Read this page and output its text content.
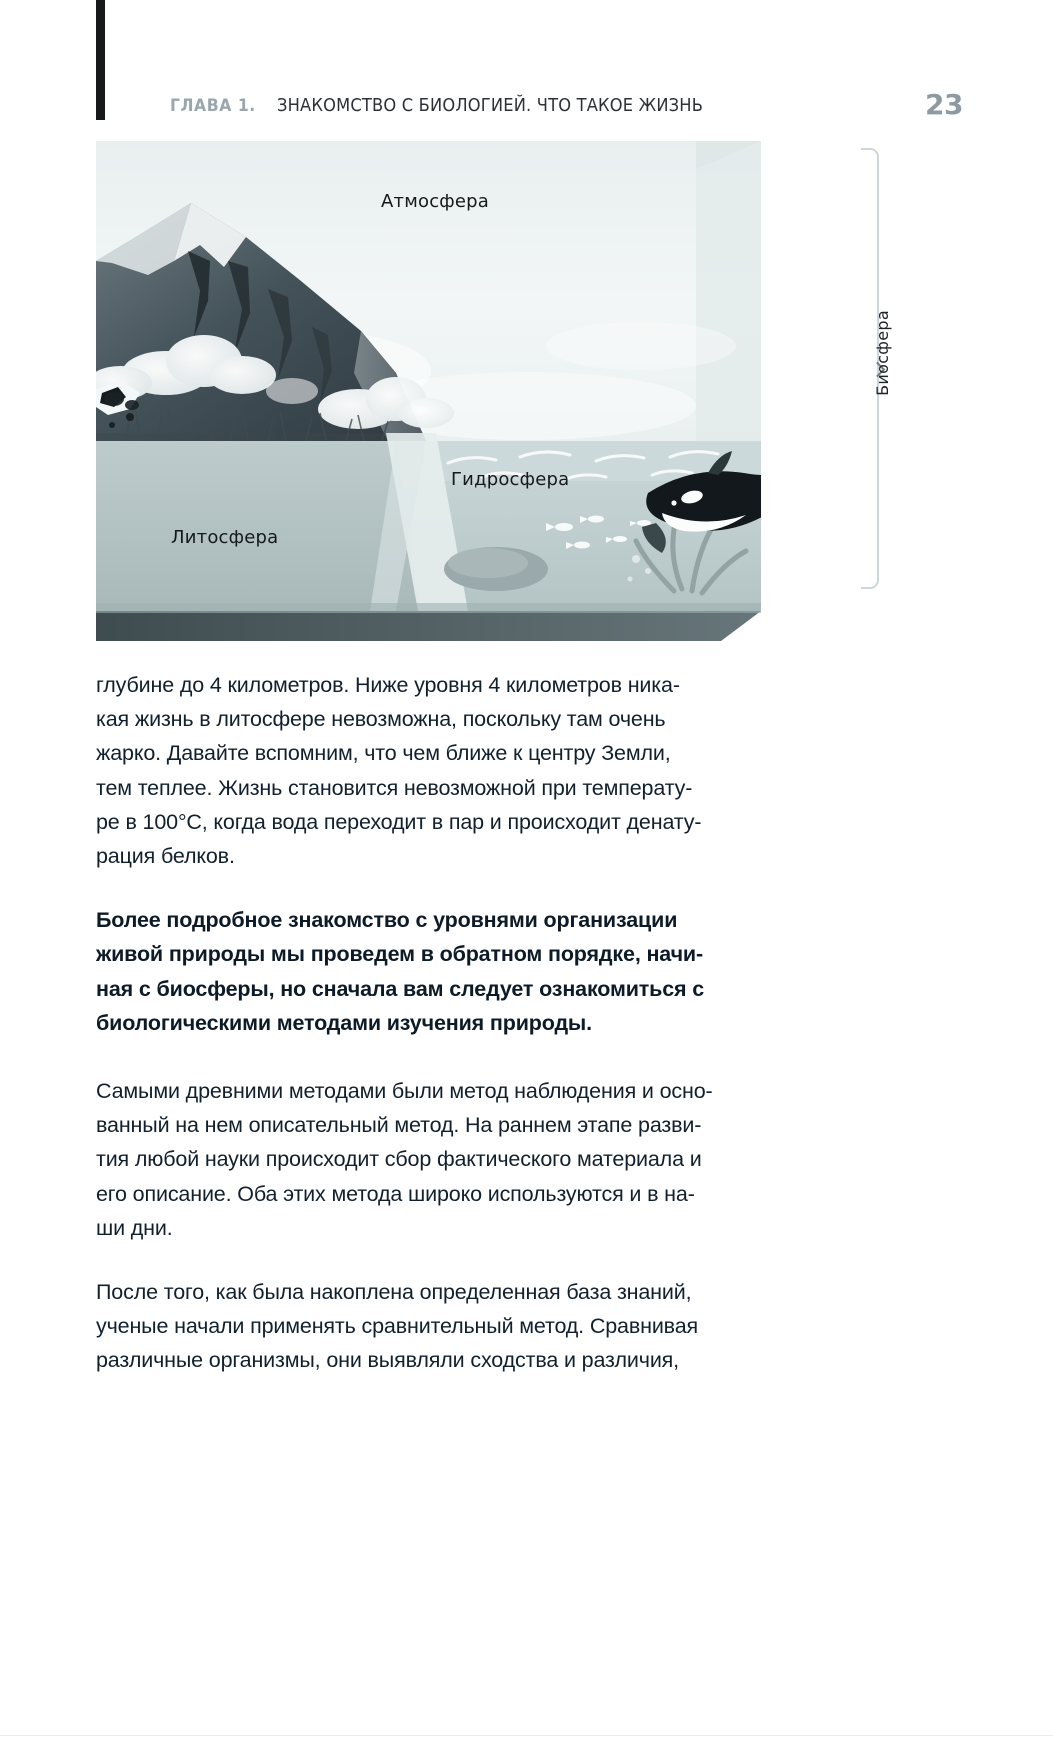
ГЛАВА 1. ЗНАКОМСТВО С БИОЛОГИЕЙ. ЧТО ТАКОЕ ЖИЗНЬ	23
Атмосфера
Гидросфера
Литосфера
Биосфера

глубине до 4 километров. Ниже уровня 4 километров ника-
кая жизнь в литосфере невозможна, поскольку там очень
жарко. Давайте вспомним, что чем ближе к центру Земли,
тем теплее. Жизнь становится невозможной при температу-
ре в 100°C, когда вода переходит в пар и происходит денату-
рация белков.

Более подробное знакомство с уровнями организации
живой природы мы проведем в обратном порядке, начи-
ная с биосферы, но сначала вам следует ознакомиться с
биологическими методами изучения природы.

Самыми древними методами были метод наблюдения и осно-
ванный на нем описательный метод. На раннем этапе разви-
тия любой науки происходит сбор фактического материала и
его описание. Оба этих метода широко используются и в на-
ши дни.

После того, как была накоплена определенная база знаний,
ученые начали применять сравнительный метод. Сравнивая
различные организмы, они выявляли сходства и различия,
